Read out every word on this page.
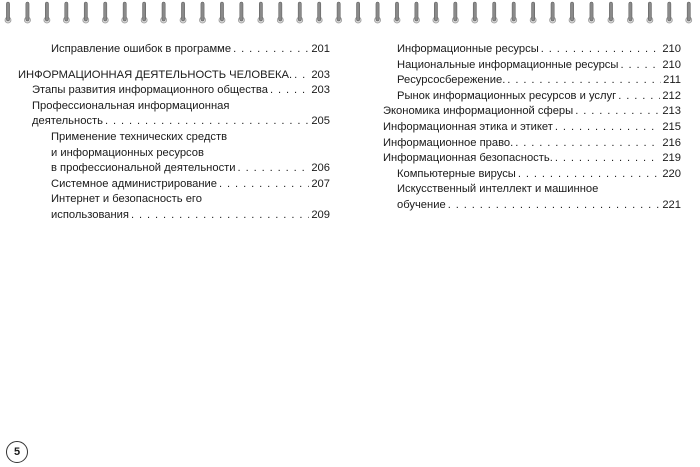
Исправление ошибок в программе . . .	201
ИНФОРМАЦИОННАЯ ДЕЯТЕЛЬНОСТЬ ЧЕЛОВЕКА. . . . 203
Этапы развития информационного общества . . .	203
Профессиональная информационная
деятельность . . .	205
Применение технических средств
и информационных ресурсов
в профессиональной деятельности . . .	206
Системное администрирование . . .	207
Интернет и безопасность его
использования . . .	209
Информационные ресурсы . . .	210
Национальные информационные ресурсы . . .	210
Ресурсосбережение. . . .	211
Рынок информационных ресурсов и услуг . . .	212
Экономика информационной сферы . . .	213
Информационная этика и этикет . . .	215
Информационное право. . . .	216
Информационная безопасность. . . .	219
Компьютерные вирусы . . .	220
Искусственный интеллект и машинное
обучение . . .	221
5
